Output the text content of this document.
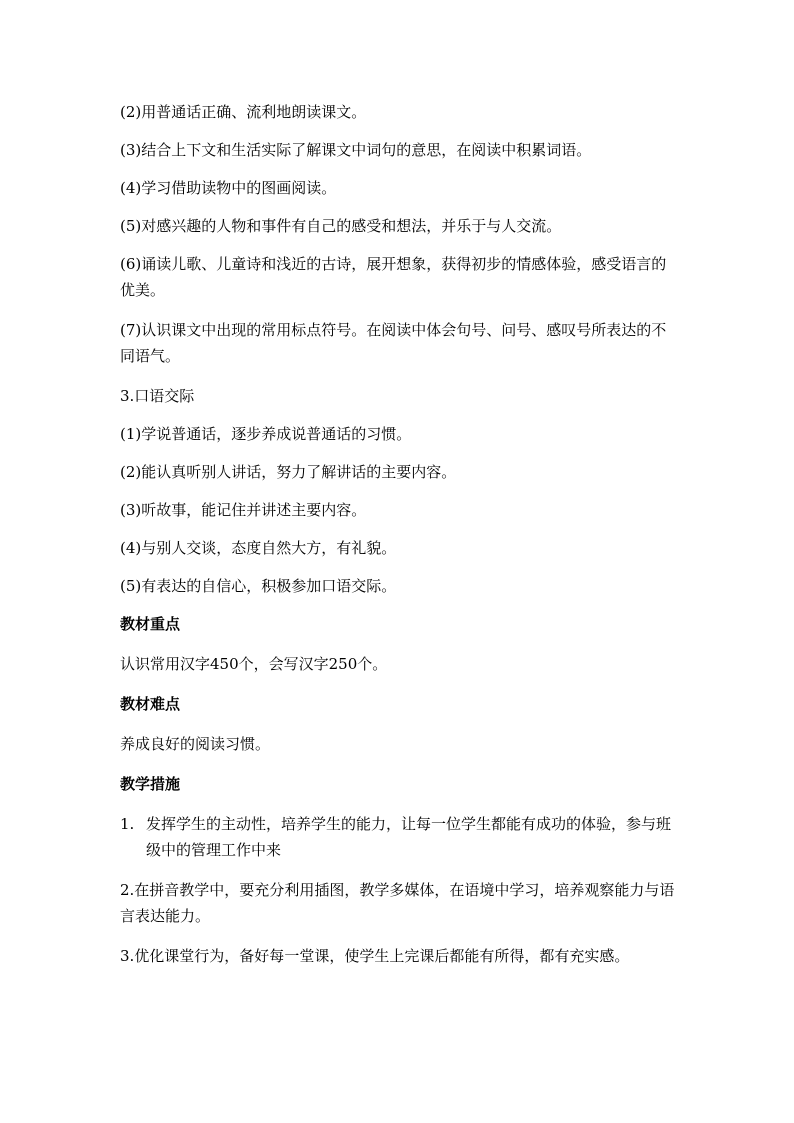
(2)用普通话正确、流利地朗读课文。

(3)结合上下文和生活实际了解课文中词句的意思，在阅读中积累词语。

(4)学习借助读物中的图画阅读。

(5)对感兴趣的人物和事件有自己的感受和想法，并乐于与人交流。

(6)诵读儿歌、儿童诗和浅近的古诗，展开想象，获得初步的情感体验，感受语言的优美。

(7)认识课文中出现的常用标点符号。在阅读中体会句号、问号、感叹号所表达的不同语气。

3.口语交际

(1)学说普通话，逐步养成说普通话的习惯。

(2)能认真听别人讲话，努力了解讲话的主要内容。

(3)听故事，能记住并讲述主要内容。

(4)与别人交谈，态度自然大方，有礼貌。

(5)有表达的自信心，积极参加口语交际。

教材重点

认识常用汉字450个，会写汉字250个。

教材难点

养成良好的阅读习惯。

教学措施

1. 发挥学生的主动性，培养学生的能力，让每一位学生都能有成功的体验，参与班级中的管理工作中来

2.在拼音教学中，要充分利用插图，教学多媒体，在语境中学习，培养观察能力与语言表达能力。

3.优化课堂行为，备好每一堂课，使学生上完课后都能有所得，都有充实感。
